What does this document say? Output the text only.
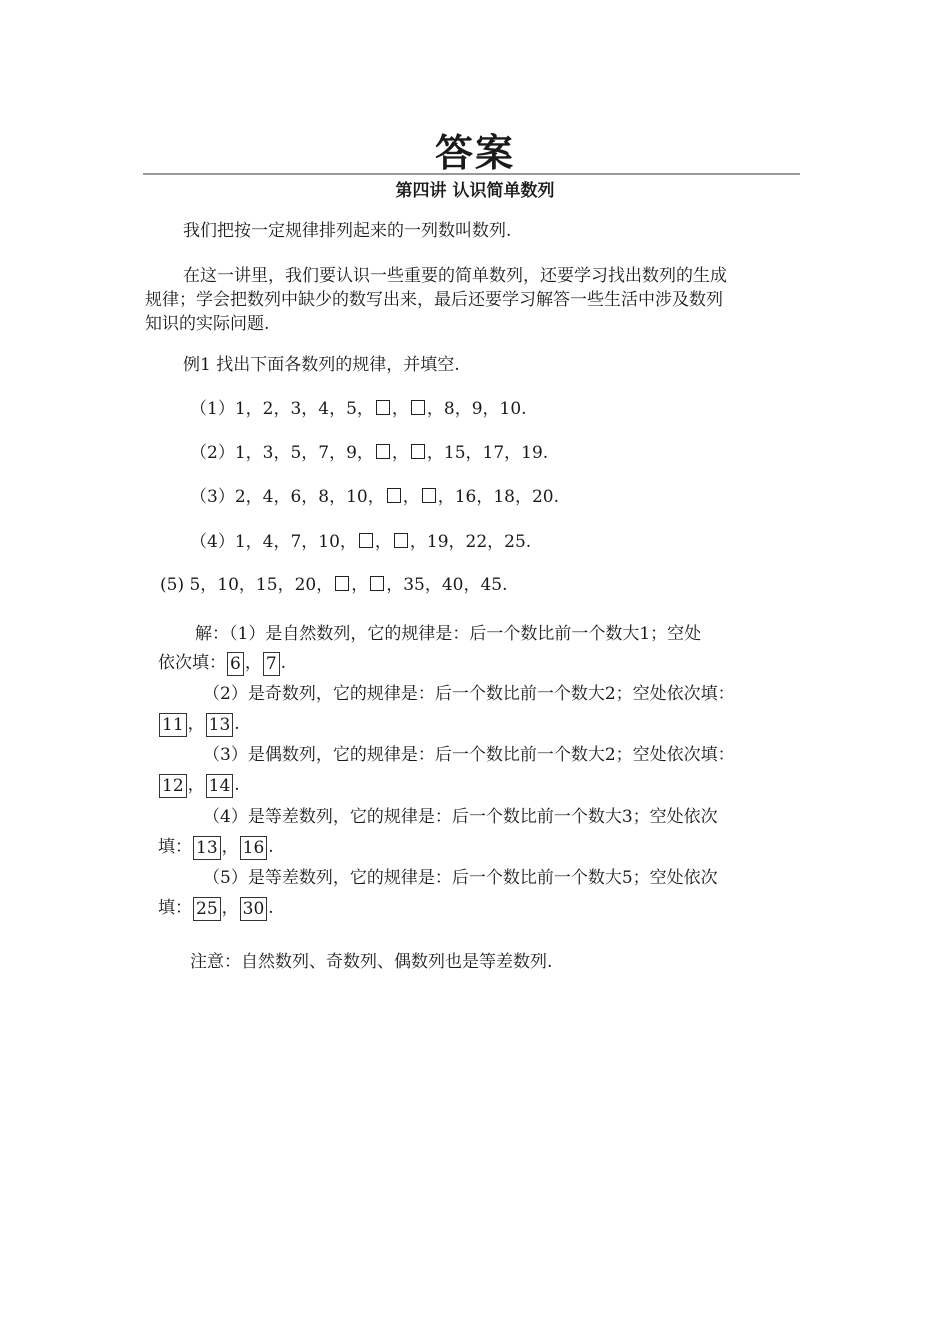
答案
第四讲 认识简单数列
我们把按一定规律排列起来的一列数叫数列.
在这一讲里，我们要认识一些重要的简单数列，还要学习找出数列的生成
规律；学会把数列中缺少的数写出来，最后还要学习解答一些生活中涉及数列
知识的实际问题.
例1 找出下面各数列的规律，并填空.
（1）1，2，3，4，5， ， ，8，9，10.
（2）1，3，5，7，9， ， ，15，17，19.
（3）2，4，6，8，10， ， ，16，18，20.
（4）1，4，7，10， ， ，19，22，25.
(5) 5，10，15，20， ， ，35，40，45.
解：（1）是自然数列，它的规律是：后一个数比前一个数大1；空处
依次填： 6 ， 7 .
（2）是奇数列，它的规律是：后一个数比前一个数大2；空处依次填：
11 ， 13 .
（3）是偶数列，它的规律是：后一个数比前一个数大2；空处依次填：
12 ， 14 .
（4）是等差数列，它的规律是：后一个数比前一个数大3；空处依次
填： 13 ， 16 .
（5）是等差数列，它的规律是：后一个数比前一个数大5；空处依次
填： 25 ， 30 .
注意：自然数列、奇数列、偶数列也是等差数列.
